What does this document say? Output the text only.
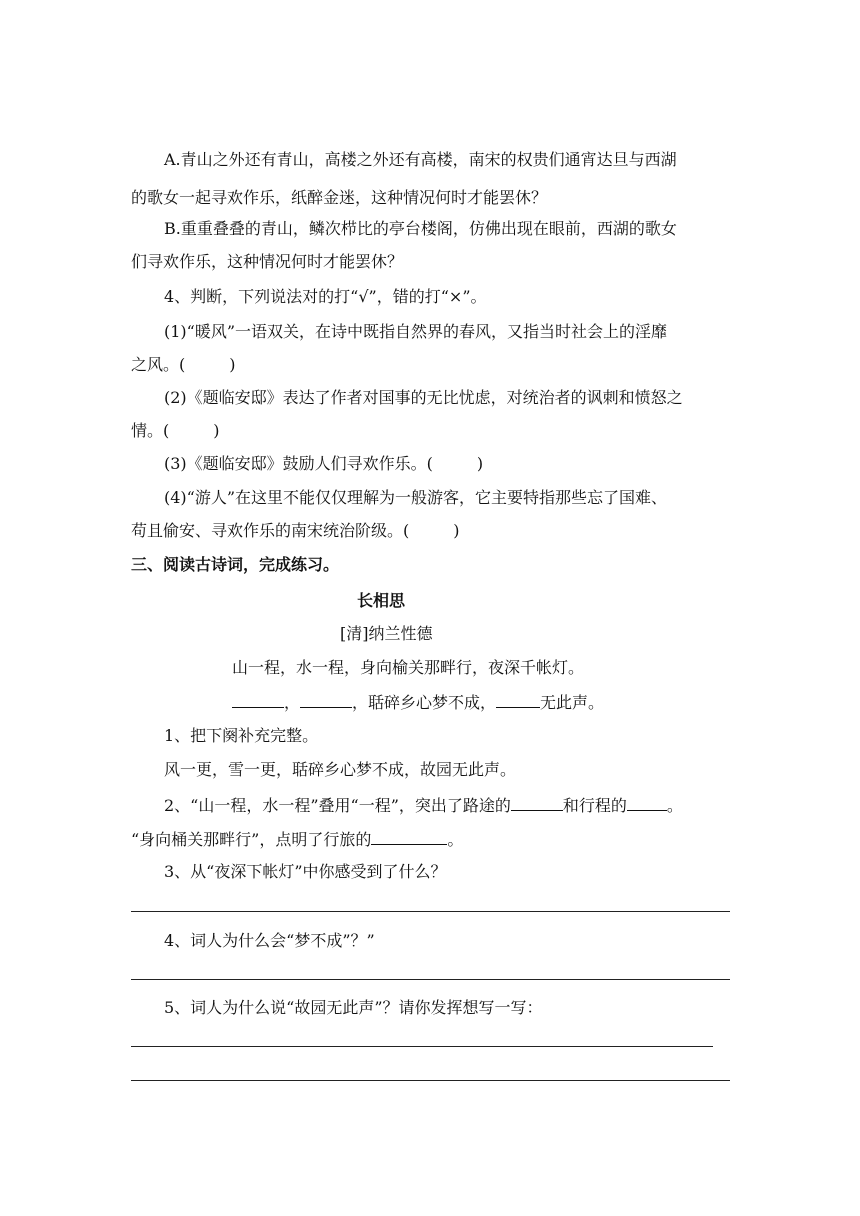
A.青山之外还有青山，高楼之外还有高楼，南宋的权贵们通宵达旦与西湖
的歌女一起寻欢作乐，纸醉金迷，这种情况何时才能罢休？
B.重重叠叠的青山，鳞次栉比的亭台楼阁，仿佛出现在眼前，西湖的歌女
们寻欢作乐，这种情况何时才能罢休？
4、判断，下列说法对的打“√”，错的打“×”。
(1)“暖风”一语双关，在诗中既指自然界的春风，又指当时社会上的淫靡
之风。(	)
(2)《题临安邸》表达了作者对国事的无比忧虑，对统治者的讽刺和愤怒之
情。(	)
(3)《题临安邸》鼓励人们寻欢作乐。(	)
(4)“游人”在这里不能仅仅理解为一般游客，它主要特指那些忘了国难、
苟且偷安、寻欢作乐的南宋统治阶级。(	)
三、阅读古诗词，完成练习。
长相思
[清]纳兰性德
山一程，水一程，身向榆关那畔行，夜深千帐灯。
，	，聒碎乡心梦不成，	无此声。
1、把下阕补充完整。
风一更，雪一更，聒碎乡心梦不成，故园无此声。
2、“山一程，水一程”叠用“一程”，突出了路途的	和行程的	。
“身向桶关那畔行”，点明了行旅的	。
3、从“夜深下帐灯”中你感受到了什么？
4、词人为什么会“梦不成”？”
5、词人为什么说“故园无此声”？请你发挥想写一写：
